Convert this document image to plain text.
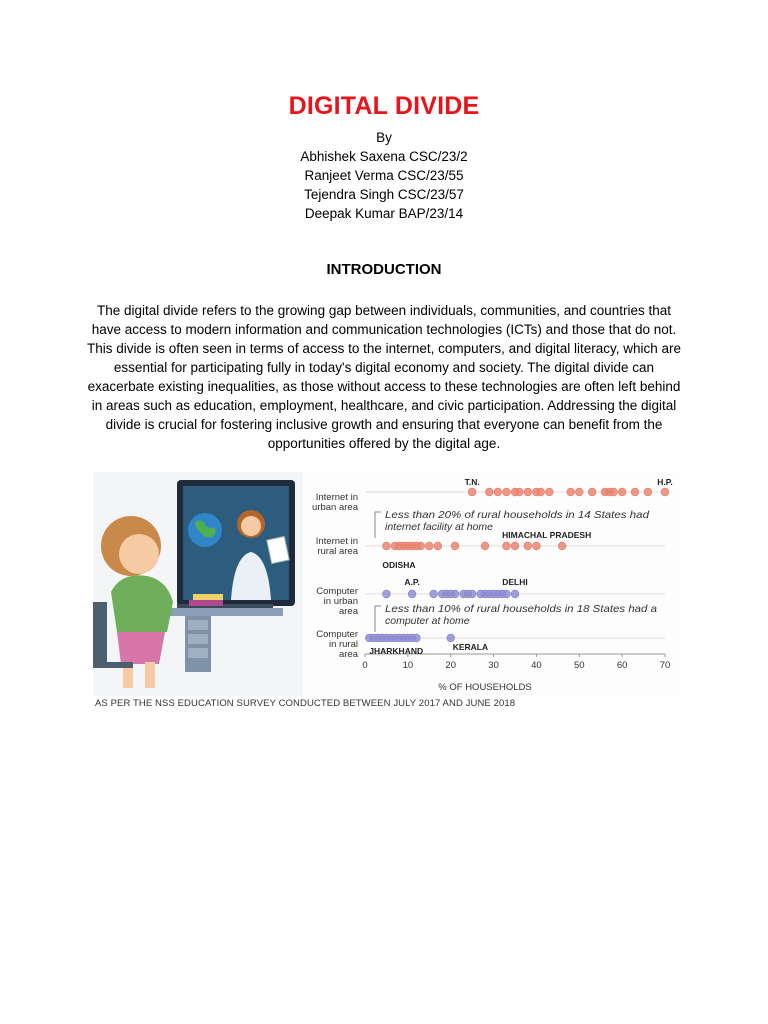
DIGITAL DIVIDE
By
Abhishek Saxena CSC/23/2
Ranjeet Verma CSC/23/55
Tejendra Singh CSC/23/57
Deepak Kumar BAP/23/14
INTRODUCTION

The digital divide refers to the growing gap between individuals, communities, and countries that have access to modern information and communication technologies (ICTs) and those that do not. This divide is often seen in terms of access to the internet, computers, and digital literacy, which are essential for participating fully in today's digital economy and society. The digital divide can exacerbate existing inequalities, as those without access to these technologies are often left behind in areas such as education, employment, healthcare, and civic participation. Addressing the digital divide is crucial for fostering inclusive growth and ensuring that everyone can benefit from the opportunities offered by the digital age.

Internet in urban area
Internet in rural area
Computer in urban area
Computer in rural area
Less than 20% of rural households in 14 States had
internet facility at home
Less than 10% of rural households in 18 States had a
computer at home
0	10	20	30	40	50	60	70
% OF HOUSEHOLDS
T.N.	H.P.
HIMACHAL PRADESH
ODISHA
A.P.	DELHI
JHARKHAND	KERALA
AS PER THE NSS EDUCATION SURVEY CONDUCTED BETWEEN JULY 2017 AND JUNE 2018
